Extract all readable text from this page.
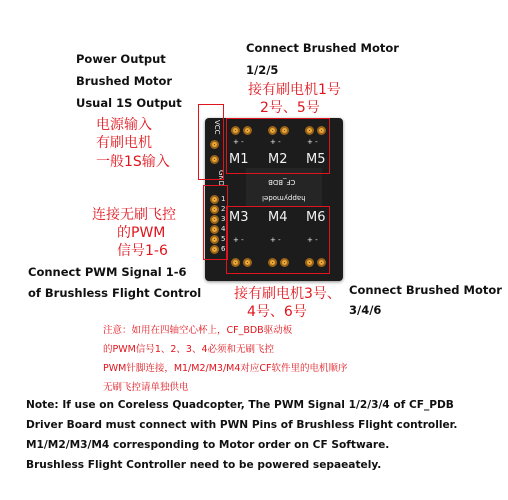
Power Output
Brushed Motor
Usual 1S Output
Connect Brushed Motor
1/2/5
接有刷电机1号
2号、5号
电源输入
有刷电机
一般1S输入
连接无刷飞控
的PWM
信号1-6
Connect PWM Signal 1-6
of Brushless Flight Control	Connect Brushed Motor
3/4/6
接有刷电机3号、
4号、6号
VCC
GND
1
2
3
4
5
6
+ -	+ -	+ -
M1 M2 M5
CF_BDB
happymodel
M3 M4 M6
+ -	+ -	+ -
注意：如用在四轴空心杯上，CF_BDB驱动板
的PWM信号1、2、3、4必须和无刷飞控
PWM针脚连接，M1/M2/M3/M4对应CF软件里的电机顺序
无刷飞控请单独供电
Note: If use on Coreless Quadcopter, The PWM Signal 1/2/3/4 of CF_PDB
Driver Board must connect with PWN Pins of Brushless Flight controller.
M1/M2/M3/M4 corresponding to Motor order on CF Software.
Brushless Flight Controller need to be powered sepaeately.
